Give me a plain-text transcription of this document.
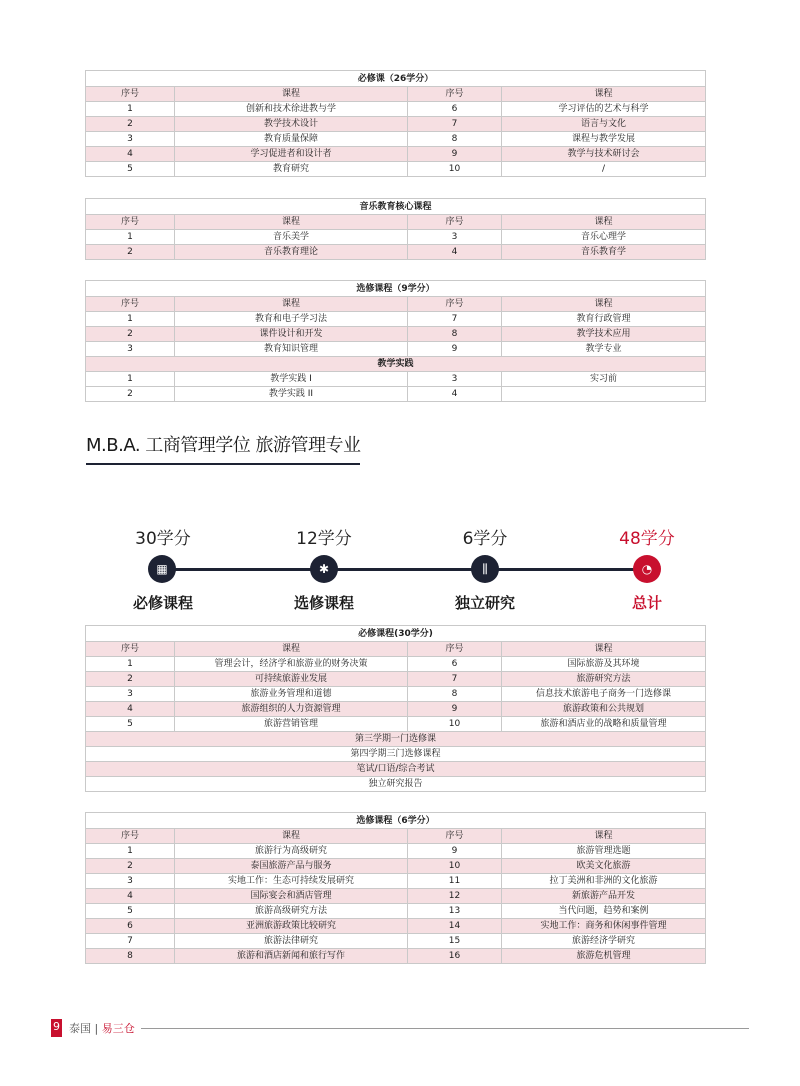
必修课（26学分）			
序号	课程	序号	课程
1	创新和技术徐进教与学	6	学习评估的艺术与科学
2	教学技术设计	7	语言与文化
3	教育质量保障	8	课程与教学发展
4	学习促进者和设计者	9	教学与技术研讨会
5	教育研究	10	/
音乐教育核心课程			
序号	课程	序号	课程
1	音乐美学	3	音乐心理学
2	音乐教育理论	4	音乐教育学
选修课程（9学分）			
序号	课程	序号	课程
1	教育和电子学习法	7	教育行政管理
2	课件设计和开发	8	教学技术应用
3	教育知识管理	9	教学专业
教学实践			
1	教学实践 I	3	实习前
2	教学实践 II	4	
M.B.A. 工商管理学位 旅游管理专业
30学分
▦
必修课程
12学分
✱
选修课程
6学分
⫼
独立研究
48学分
◔
总计
必修课程(30学分)			
序号	课程	序号	课程
1	管理会计，经济学和旅游业的财务决策	6	国际旅游及其环境
2	可持续旅游业发展	7	旅游研究方法
3	旅游业务管理和道德	8	信息技术旅游电子商务一门选修课
4	旅游组织的人力资源管理	9	旅游政策和公共规划
5	旅游营销管理	10	旅游和酒店业的战略和质量管理
第三学期一门选修课			
第四学期三门选修课程			
笔试/口语/综合考试			
独立研究报告			
选修课程（6学分）			
序号	课程	序号	课程
1	旅游行为高级研究	9	旅游管理选题
2	泰国旅游产品与服务	10	欧美文化旅游
3	实地工作：生态可持续发展研究	11	拉丁美洲和非洲的文化旅游
4	国际宴会和酒店管理	12	新旅游产品开发
5	旅游高级研究方法	13	当代问题，趋势和案例
6	亚洲旅游政策比较研究	14	实地工作：商务和休闲事件管理
7	旅游法律研究	15	旅游经济学研究
8	旅游和酒店新闻和旅行写作	16	旅游危机管理
9 泰国 | 易三仓
